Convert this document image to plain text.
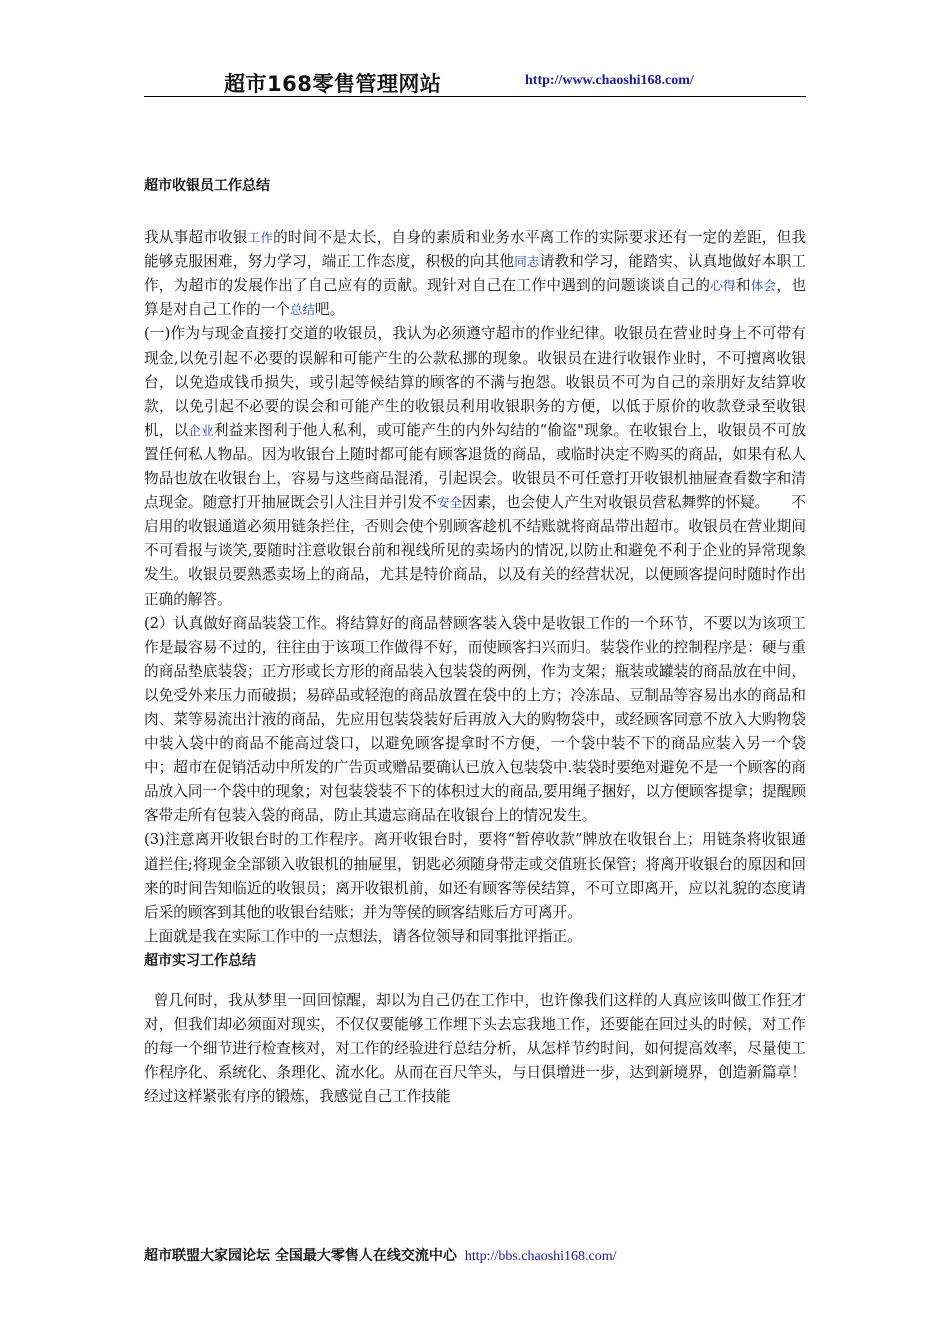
超市168零售管理网站	http://www.chaoshi168.com/

超市收银员工作总结

我从事超市收银工作的时间不是太长，自身的素质和业务水平离工作的实际要求还有一定的差距，但我能够克服困难，努力学习，端正工作态度，积极的向其他同志请教和学习，能踏实、认真地做好本职工作，为超市的发展作出了自己应有的贡献。现针对自己在工作中遇到的问题谈谈自己的心得和体会，也算是对自己工作的一个总结吧。

(一)作为与现金直接打交道的收银员，我认为必须遵守超市的作业纪律。收银员在营业时身上不可带有现金,以免引起不必要的误解和可能产生的公款私挪的现象。收银员在进行收银作业时，不可擅离收银台，以免造成钱币损失，或引起等候结算的顾客的不满与抱怨。收银员不可为自己的亲朋好友结算收款，以免引起不必要的误会和可能产生的收银员利用收银职务的方便，以低于原价的收款登录至收银机，以企业利益来图利于他人私利，或可能产生的内外勾结的“偷盗"现象。在收银台上，收银员不可放置任何私人物品。因为收银台上随时都可能有顾客退货的商品，或临时决定不购买的商品，如果有私人物品也放在收银台上，容易与这些商品混淆，引起误会。收银员不可任意打开收银机抽屉查看数字和清点现金。随意打开抽屉既会引人注目并引发不安全因素，也会使人产生对收银员营私舞弊的怀疑。　　不启用的收银通道必须用链条拦住，否则会使个别顾客趁机不结账就将商品带出超市。收银员在营业期间不可看报与谈笑,要随时注意收银台前和视线所见的卖场内的情况,以防止和避免不利于企业的异常现象发生。收银员要熟悉卖场上的商品，尤其是特价商品，以及有关的经营状况，以便顾客提问时随时作出正确的解答。

(2）认真做好商品装袋工作。将结算好的商品替顾客装入袋中是收银工作的一个环节，不要以为该项工作是最容易不过的，往往由于该项工作做得不好，而使顾客扫兴而归。装袋作业的控制程序是：硬与重的商品垫底装袋；正方形或长方形的商品装入包装袋的两例，作为支架；瓶装或罐装的商品放在中间，以免受外来压力而破损；易碎品或轻泡的商品放置在袋中的上方；冷冻品、豆制品等容易出水的商品和肉、菜等易流出汁液的商品，先应用包装袋装好后再放入大的购物袋中，或经顾客同意不放入大购物袋中装入袋中的商品不能高过袋口，以避免顾客提拿时不方便，一个袋中装不下的商品应装入另一个袋中；超市在促销活动中所发的广告页或赠品要确认已放入包装袋中.装袋时要绝对避免不是一个顾客的商品放入同一个袋中的现象；对包装袋装不下的体积过大的商品,要用绳子捆好，以方便顾客提拿；提醒顾客带走所有包装入袋的商品，防止其遗忘商品在收银台上的情况发生。

(3)注意离开收银台时的工作程序。离开收银台时，要将“暂停收款”牌放在收银台上；用链条将收银通道拦住;将现金全部锁入收银机的抽屉里，钥匙必须随身带走或交值班长保管；将离开收银台的原因和回来的时间告知临近的收银员；离开收银机前，如还有顾客等侯结算，不可立即离开，应以礼貌的态度请后采的顾客到其他的收银台结账；并为等侯的顾客结账后方可离开。

上面就是我在实际工作中的一点想法，请各位领导和同事批评指正。

超市实习工作总结

曾几何时，我从梦里一回回惊醒，却以为自己仍在工作中，也许像我们这样的人真应该叫做工作狂才对，但我们却必须面对现实，不仅仅要能够工作埋下头去忘我地工作，还要能在回过头的时候，对工作的每一个细节进行检查核对，对工作的经验进行总结分析，从怎样节约时间，如何提高效率，尽量使工作程序化、系统化、条理化、流水化。从而在百尺竿头，与日俱增进一步，达到新境界，创造新篇章！　　　经过这样紧张有序的锻炼，我感觉自己工作技能

超市联盟大家园论坛 全国最大零售人在线交流中心 http://bbs.chaoshi168.com/
